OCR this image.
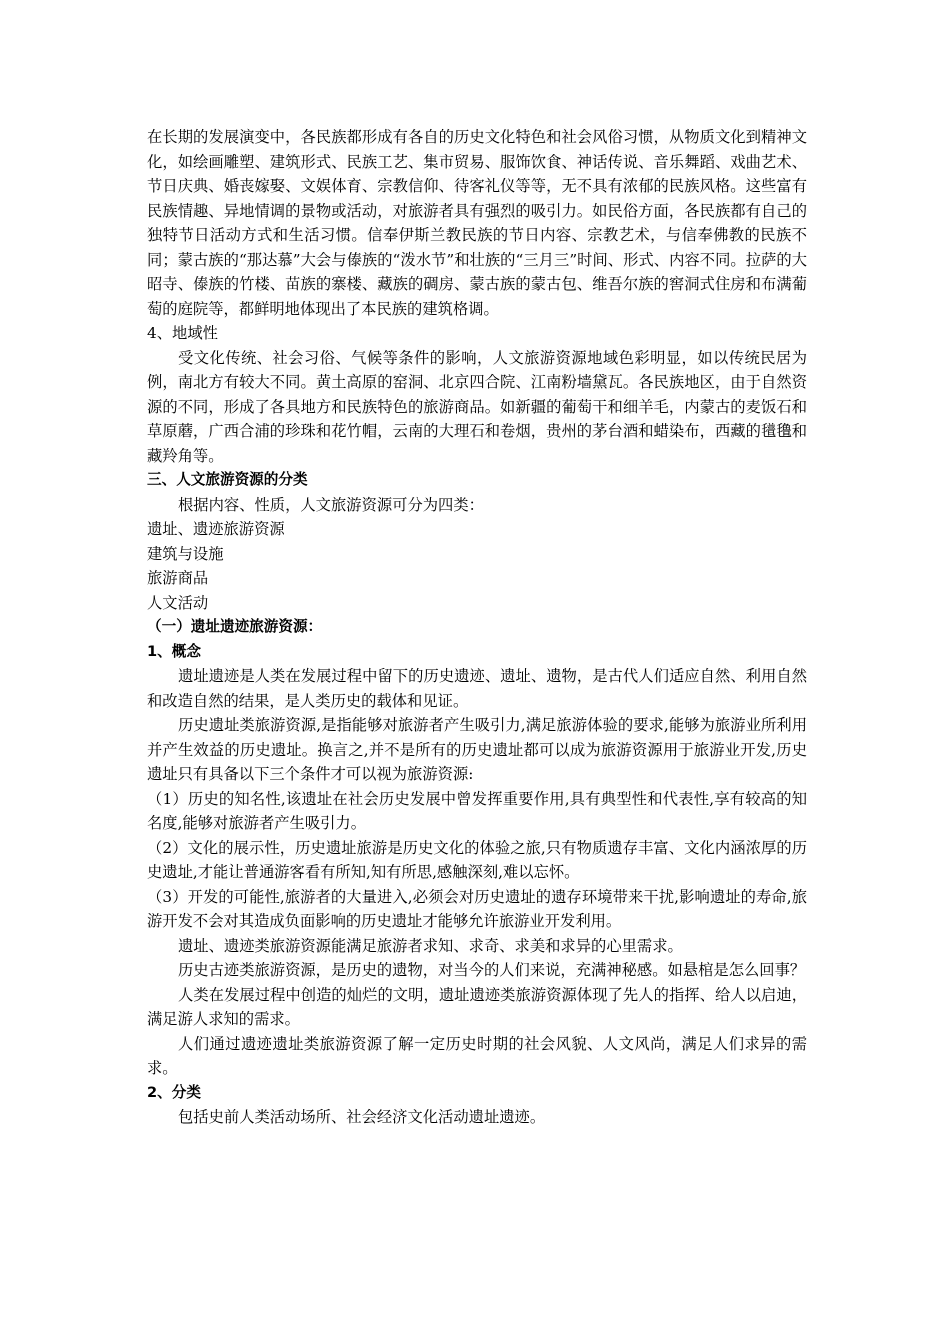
在长期的发展演变中，各民族都形成有各自的历史文化特色和社会风俗习惯，从物质文化到精神文化，如绘画雕塑、建筑形式、民族工艺、集市贸易、服饰饮食、神话传说、音乐舞蹈、戏曲艺术、节日庆典、婚丧嫁娶、文娱体育、宗教信仰、待客礼仪等等，无不具有浓郁的民族风格。这些富有民族情趣、异地情调的景物或活动，对旅游者具有强烈的吸引力。如民俗方面，各民族都有自己的独特节日活动方式和生活习惯。信奉伊斯兰教民族的节日内容、宗教艺术，与信奉佛教的民族不同；蒙古族的“那达慕”大会与傣族的“泼水节”和壮族的“三月三”时间、形式、内容不同。拉萨的大昭寺、傣族的竹楼、苗族的寨楼、藏族的碉房、蒙古族的蒙古包、维吾尔族的窖洞式住房和布满葡萄的庭院等，都鲜明地体现出了本民族的建筑格调。

4、地域性

受文化传统、社会习俗、气候等条件的影响，人文旅游资源地域色彩明显，如以传统民居为例，南北方有较大不同。黄土高原的窑洞、北京四合院、江南粉墙黛瓦。各民族地区，由于自然资源的不同，形成了各具地方和民族特色的旅游商品。如新疆的葡萄干和细羊毛，内蒙古的麦饭石和草原蘑，广西合浦的珍珠和花竹帽，云南的大理石和卷烟，贵州的茅台酒和蜡染布，西藏的氆氇和藏羚角等。

三、人文旅游资源的分类

根据内容、性质，人文旅游资源可分为四类：

遗址、遗迹旅游资源

建筑与设施

旅游商品

人文活动

（一）遗址遗迹旅游资源：

1、概念

遗址遗迹是人类在发展过程中留下的历史遗迹、遗址、遗物，是古代人们适应自然、利用自然和改造自然的结果，是人类历史的载体和见证。

历史遗址类旅游资源,是指能够对旅游者产生吸引力,满足旅游体验的要求,能够为旅游业所利用并产生效益的历史遗址。换言之,并不是所有的历史遗址都可以成为旅游资源用于旅游业开发,历史遗址只有具备以下三个条件才可以视为旅游资源:

（1）历史的知名性,该遗址在社会历史发展中曾发挥重要作用,具有典型性和代表性,享有较高的知名度,能够对旅游者产生吸引力。

（2）文化的展示性，历史遗址旅游是历史文化的体验之旅,只有物质遗存丰富、文化内涵浓厚的历史遗址,才能让普通游客看有所知,知有所思,感触深刻,难以忘怀。

（3）开发的可能性,旅游者的大量进入,必须会对历史遗址的遗存环境带来干扰,影响遗址的寿命,旅游开发不会对其造成负面影响的历史遗址才能够允许旅游业开发利用。

遗址、遗迹类旅游资源能满足旅游者求知、求奇、求美和求异的心里需求。

历史古迹类旅游资源，是历史的遗物，对当今的人们来说，充满神秘感。如悬棺是怎么回事？

人类在发展过程中创造的灿烂的文明，遗址遗迹类旅游资源体现了先人的指挥、给人以启迪，满足游人求知的需求。

人们通过遗迹遗址类旅游资源了解一定历史时期的社会风貌、人文风尚，满足人们求异的需求。

2、分类

包括史前人类活动场所、社会经济文化活动遗址遗迹。
